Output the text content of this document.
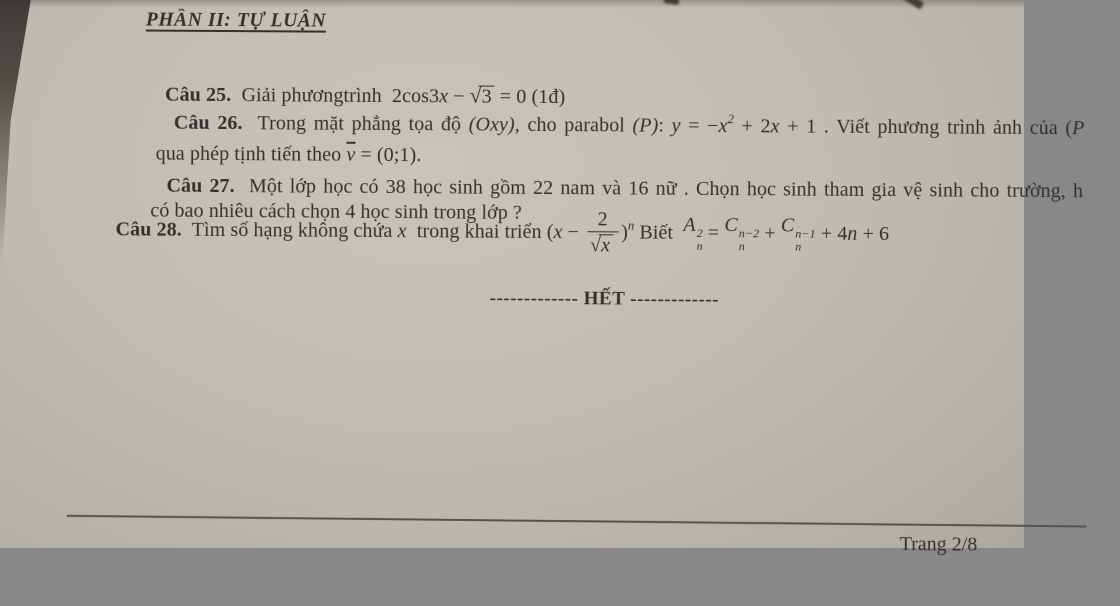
PHẦN II: TỰ LUẬN

Câu 25.  Giải phươngtrình  2cos3x − √3 = 0 (1đ)

Câu 26.  Trong mặt phẳng tọa độ (Oxy), cho parabol (P): $y = -x^2 + 2x + 1$ . Viết phương trình ảnh của (P

qua phép tịnh tiến theo $\overline{v}$ = (0;1).

Câu 27.  Một lớp học có 38 học sinh gồm 22 nam và 16 nữ . Chọn học sinh tham gia vệ sinh cho trường, h

có bao nhiêu cách chọn 4 học sinh trong lớp ?

Câu 28. Tìm số hạng không chứa x trong khai triển ( $x - \frac{2}{√x} )^n$ Biết A 2
n
= C n−2
n
+ C n−1
n
+ 4 n + 6

------------- HẾT -------------

Trang 2/8
